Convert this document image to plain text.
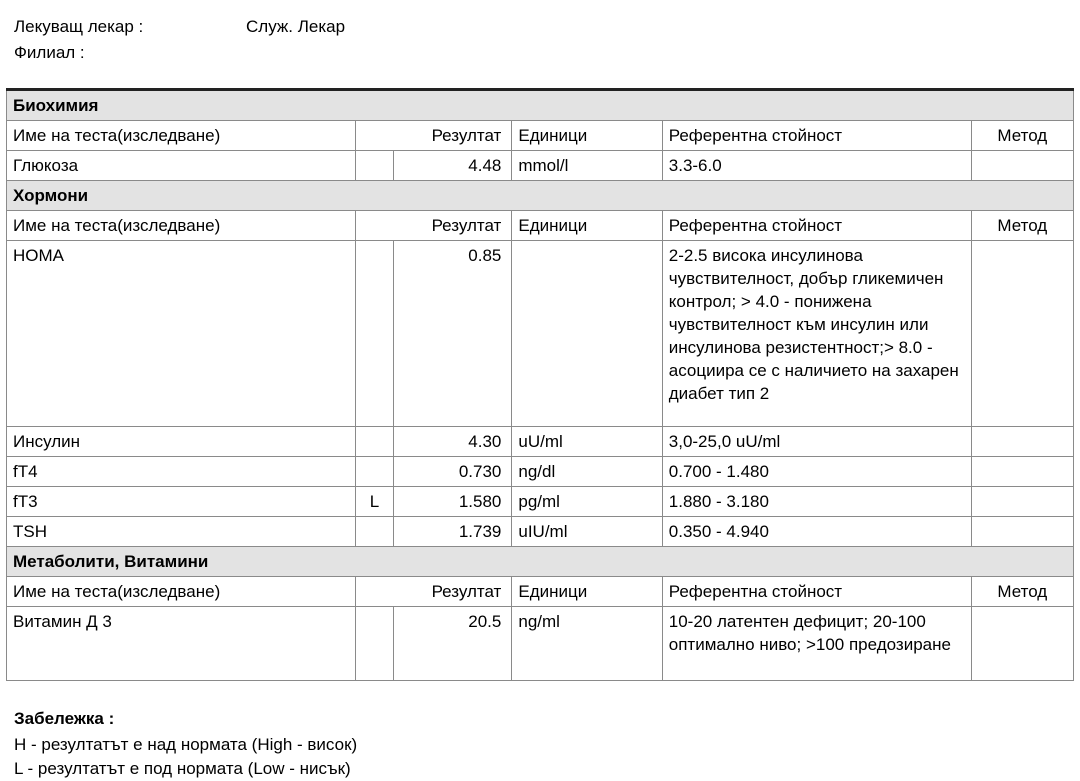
Лекуващ лекар :	Служ. Лекар
Филиал :
Биохимия					
Име на теста(изследване)	Резултат		Единици	Референтна стойност	Метод
Глюкоза		4.48	mmol/l	3.3-6.0	
Хормони					
Име на теста(изследване)	Резултат		Единици	Референтна стойност	Метод
HOMA		0.85		2-2.5 висока инсулинова чувствителност, добър гликемичен контрол; > 4.0 - понижена чувствителност към инсулин или инсулинова резистентност;> 8.0 - асоциира се с наличието на захарен диабет тип 2	
Инсулин		4.30	uU/ml	3,0-25,0 uU/ml	
fT4		0.730	ng/dl	0.700 - 1.480	
fT3	L	1.580	pg/ml	1.880 - 3.180	
TSH		1.739	uIU/ml	0.350 - 4.940	
Метаболити, Витамини					
Име на теста(изследване)	Резултат		Единици	Референтна стойност	Метод
Витамин Д 3		20.5	ng/ml	10-20 латентен дефицит; 20-100 оптимално ниво; >100 предозиране	
Забележка :
H - резултатът е над нормата (High - висок)
L - резултатът е под нормата (Low - нисък)
